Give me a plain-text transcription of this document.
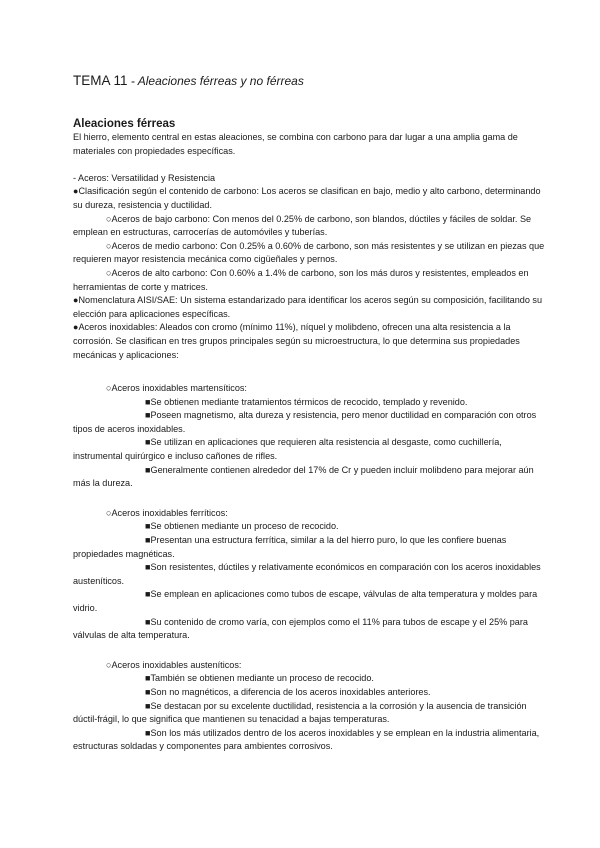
TEMA 11 - Aleaciones férreas y no férreas
Aleaciones férreas

El hierro, elemento central en estas aleaciones, se combina con carbono para dar lugar a una amplia gama de materiales con propiedades específicas.

- Aceros: Versatilidad y Resistencia

●Clasificación según el contenido de carbono: Los aceros se clasifican en bajo, medio y alto carbono, determinando su dureza, resistencia y ductilidad.

○Aceros de bajo carbono: Con menos del 0.25% de carbono, son blandos, dúctiles y fáciles de soldar. Se emplean en estructuras, carrocerías de automóviles y tuberías.

○Aceros de medio carbono: Con 0.25% a 0.60% de carbono, son más resistentes y se utilizan en piezas que requieren mayor resistencia mecánica como cigüeñales y pernos.

○Aceros de alto carbono: Con 0.60% a 1.4% de carbono, son los más duros y resistentes, empleados en herramientas de corte y matrices.

●Nomenclatura AISI/SAE: Un sistema estandarizado para identificar los aceros según su composición, facilitando su elección para aplicaciones específicas.

●Aceros inoxidables: Aleados con cromo (mínimo 11%), níquel y molibdeno, ofrecen una alta resistencia a la corrosión. Se clasifican en tres grupos principales según su microestructura, lo que determina sus propiedades mecánicas y aplicaciones:

○Aceros inoxidables martensíticos:

■Se obtienen mediante tratamientos térmicos de recocido, templado y revenido.

■Poseen magnetismo, alta dureza y resistencia, pero menor ductilidad en comparación con otros tipos de aceros inoxidables.

■Se utilizan en aplicaciones que requieren alta resistencia al desgaste, como cuchillería, instrumental quirúrgico e incluso cañones de rifles.

■Generalmente contienen alrededor del 17% de Cr y pueden incluir molibdeno para mejorar aún más la dureza.

○Aceros inoxidables ferríticos:

■Se obtienen mediante un proceso de recocido.

■Presentan una estructura ferrítica, similar a la del hierro puro, lo que les confiere buenas propiedades magnéticas.

■Son resistentes, dúctiles y relativamente económicos en comparación con los aceros inoxidables austeníticos.

■Se emplean en aplicaciones como tubos de escape, válvulas de alta temperatura y moldes para vidrio.

■Su contenido de cromo varía, con ejemplos como el 11% para tubos de escape y el 25% para válvulas de alta temperatura.

○Aceros inoxidables austeníticos:

■También se obtienen mediante un proceso de recocido.

■Son no magnéticos, a diferencia de los aceros inoxidables anteriores.

■Se destacan por su excelente ductilidad, resistencia a la corrosión y la ausencia de transición dúctil-frágil, lo que significa que mantienen su tenacidad a bajas temperaturas.

■Son los más utilizados dentro de los aceros inoxidables y se emplean en la industria alimentaria, estructuras soldadas y componentes para ambientes corrosivos.
